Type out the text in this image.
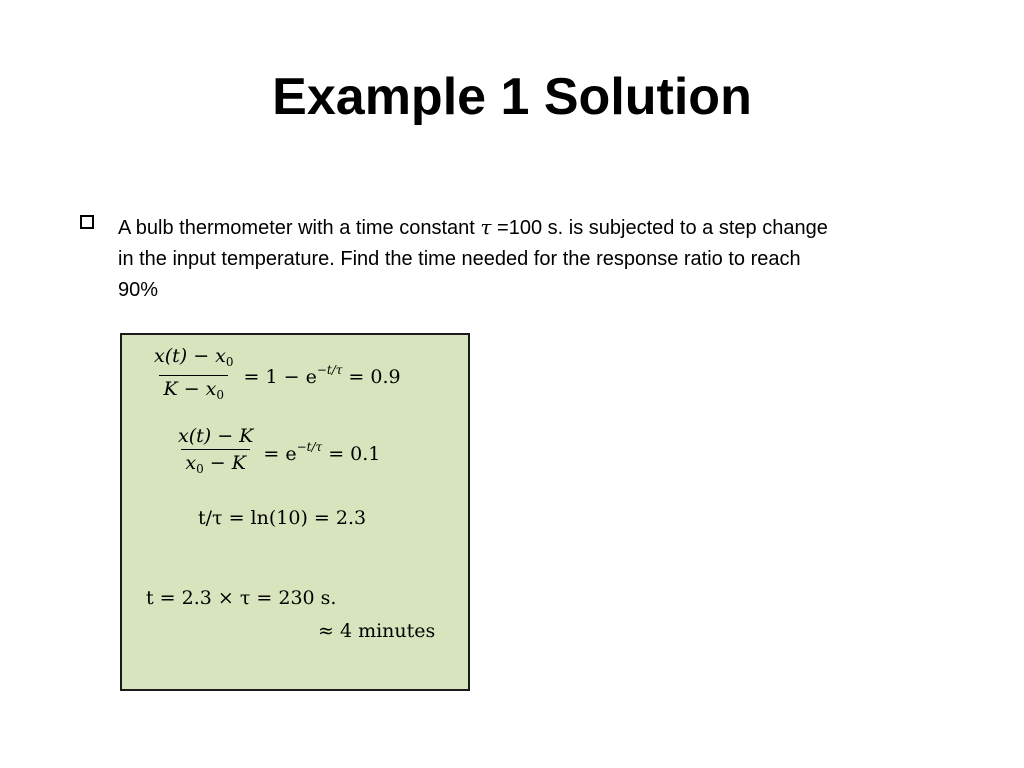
Example 1 Solution
A bulb thermometer with a time constant τ =100 s. is subjected to a step change in the input temperature. Find the time needed for the response ratio to reach 90%
$\frac{x(t) - x_0}{K - x_0} = 1 - e^{-t/\tau} = 0.9$
$\frac{x(t) - K}{x_0 - K} = e^{-t/\tau} = 0.1$
t/τ = ln(10) = 2.3
t = 2.3 × τ = 230 s.
≈ 4 minutes
